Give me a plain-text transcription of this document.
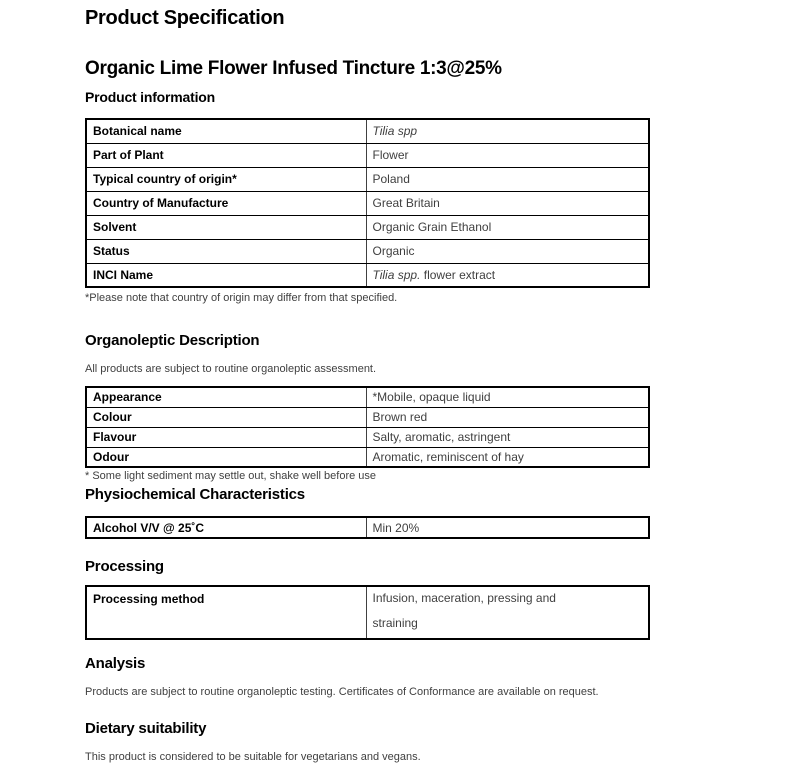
Product Specification
Organic Lime Flower Infused Tincture 1:3@25%
Product information
Botanical name	Tilia spp
Part of Plant	Flower
Typical country of origin*	Poland
Country of Manufacture	Great Britain
Solvent	Organic Grain Ethanol
Status	Organic
INCI Name	Tilia spp. flower extract

*Please note that country of origin may differ from that specified.

Organoleptic Description

All products are subject to routine organoleptic assessment.

Appearance	*Mobile, opaque liquid
Colour	Brown red
Flavour	Salty, aromatic, astringent
Odour	Aromatic, reminiscent of hay

* Some light sediment may settle out, shake well before use

Physiochemical Characteristics
Alcohol V/V @ 25˚C	Min 20%
Processing
Processing method	Infusion, maceration, pressing and
straining
Analysis

Products are subject to routine organoleptic testing. Certificates of Conformance are available on request.

Dietary suitability

This product is considered to be suitable for vegetarians and vegans.
